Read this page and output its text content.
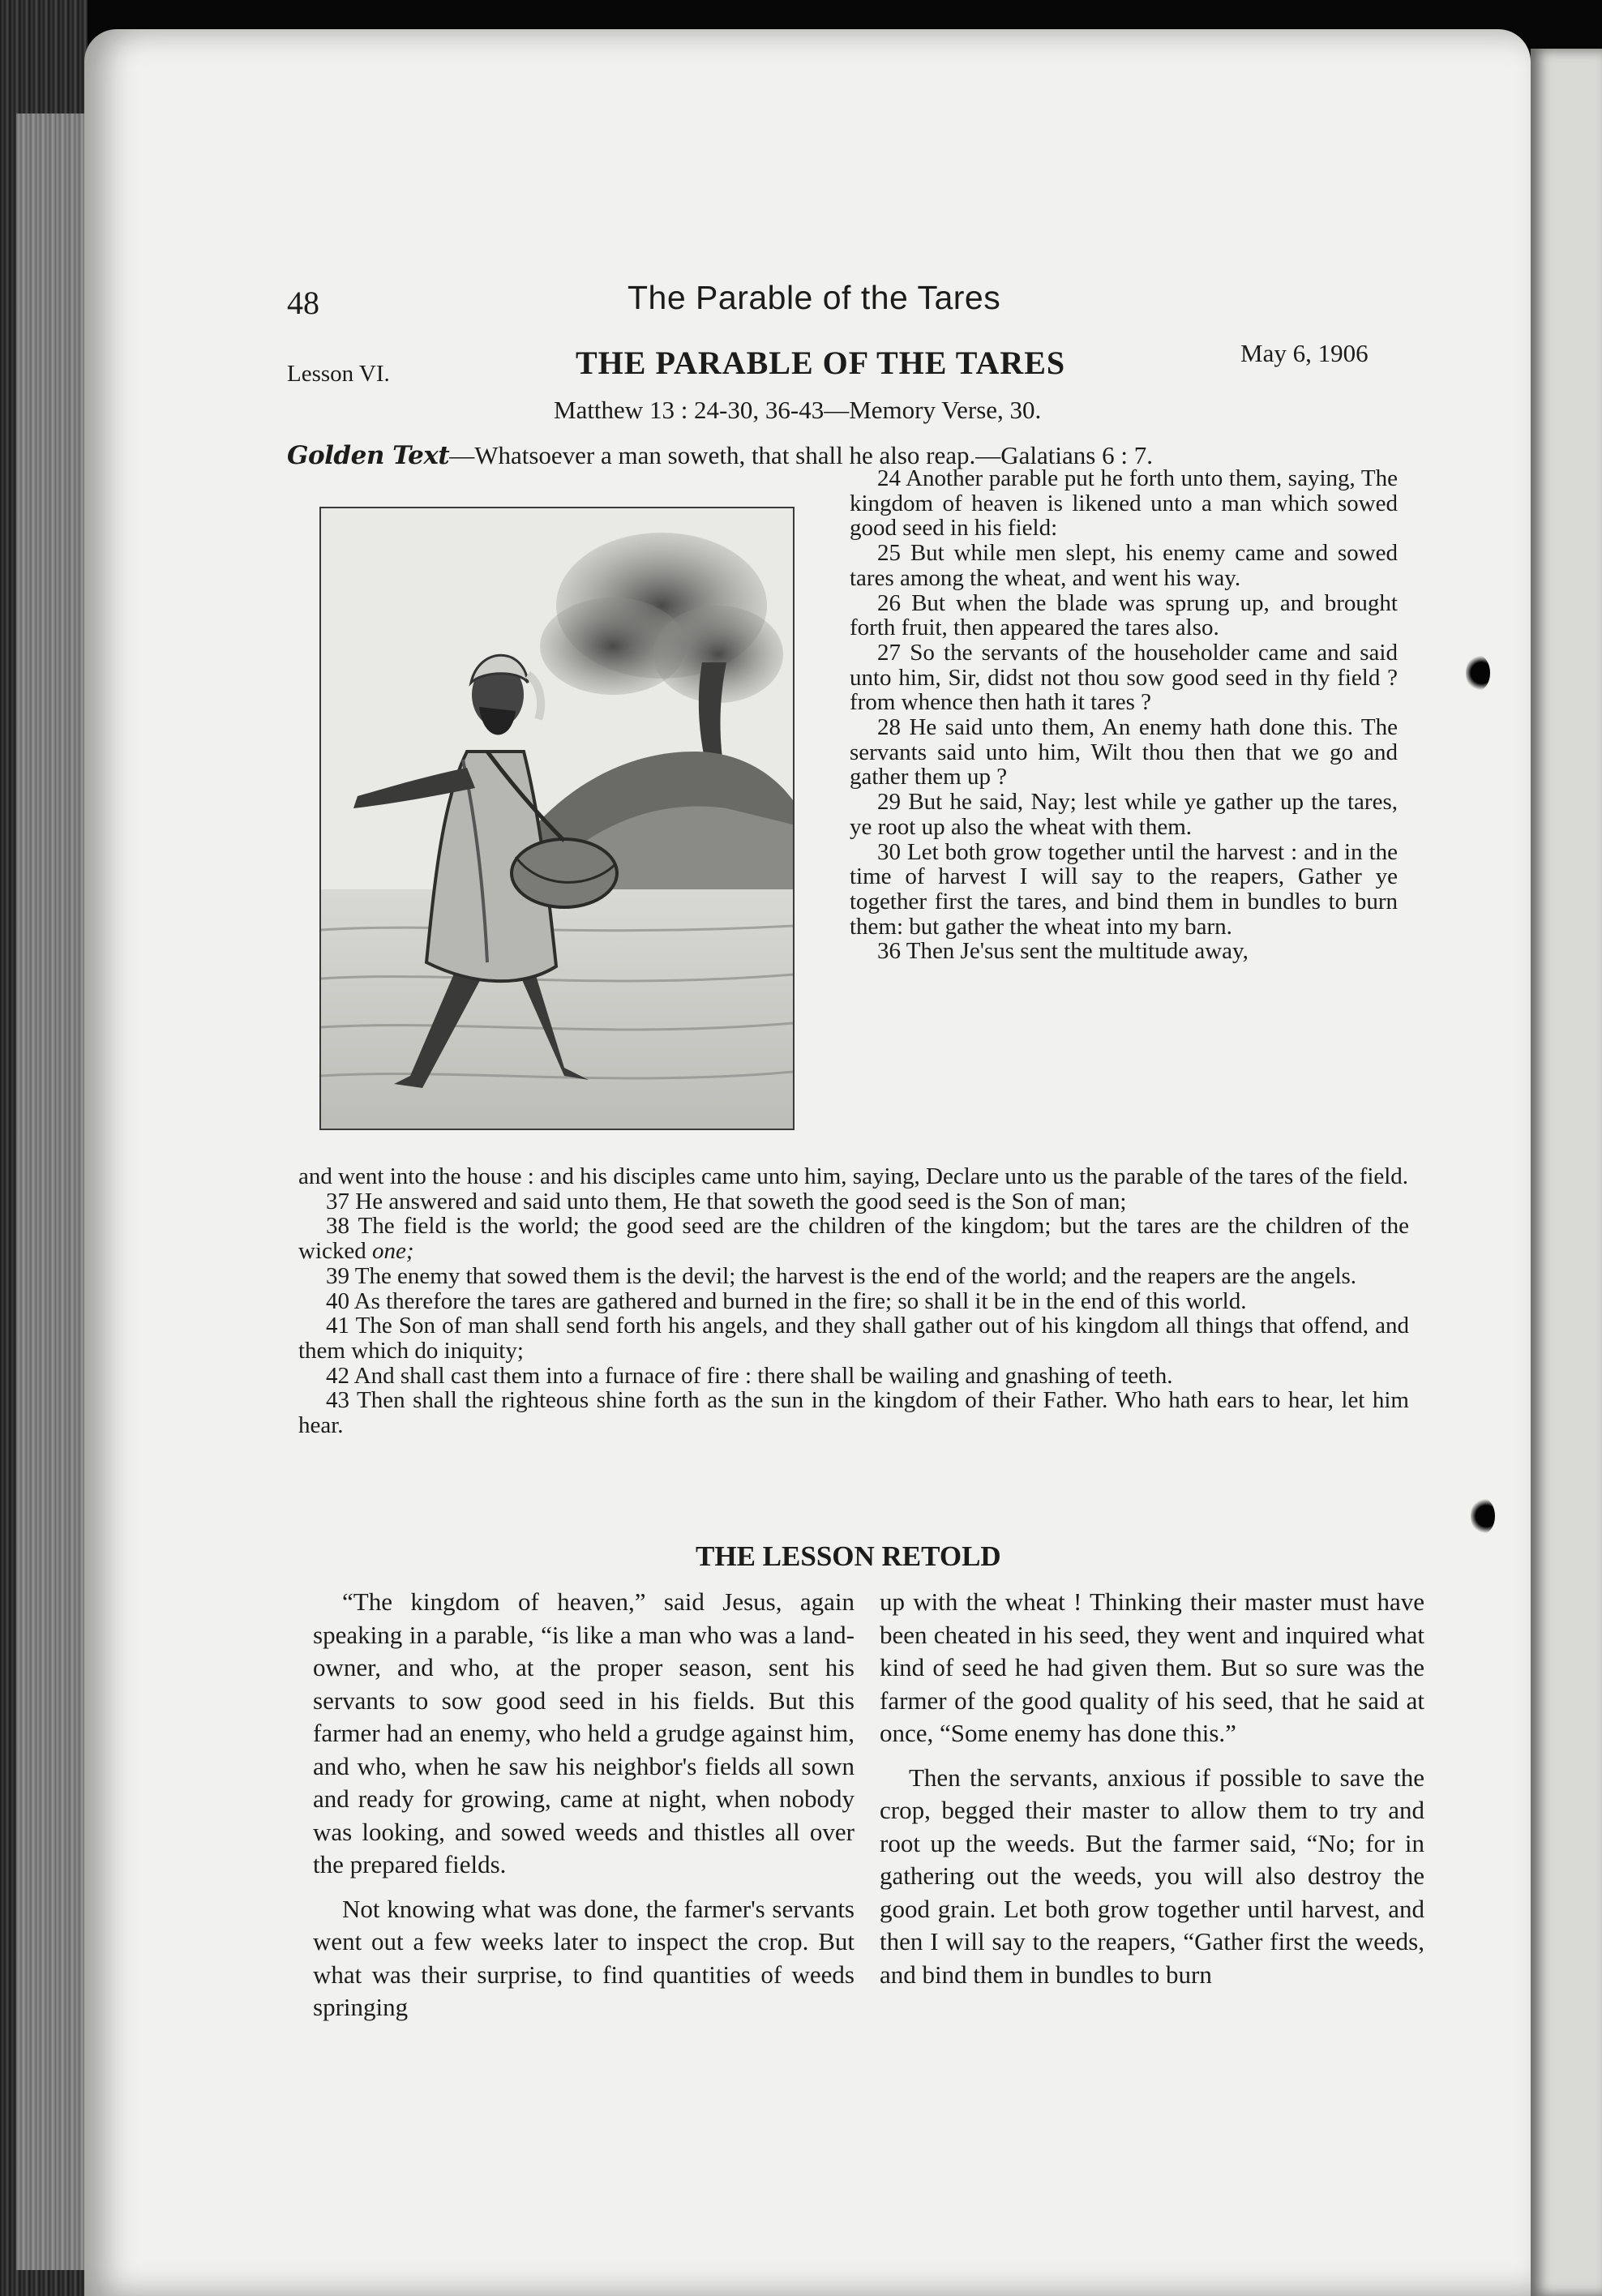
48	The Parable of the Tares
Lesson VI.	THE PARABLE OF THE TARES	May 6, 1906
Matthew 13 : 24-30, 36-43—Memory Verse, 30.
Golden Text—Whatsoever a man soweth, that shall he also reap.—Galatians 6 : 7.

24 Another parable put he forth unto them, saying, The kingdom of heaven is likened unto a man which sowed good seed in his field:

25 But while men slept, his enemy came and sowed tares among the wheat, and went his way.

26 But when the blade was sprung up, and brought forth fruit, then appeared the tares also.

27 So the servants of the householder came and said unto him, Sir, didst not thou sow good seed in thy field ? from whence then hath it tares ?

28 He said unto them, An enemy hath done this. The servants said unto him, Wilt thou then that we go and gather them up ?

29 But he said, Nay; lest while ye gather up the tares, ye root up also the wheat with them.

30 Let both grow together until the harvest : and in the time of harvest I will say to the reapers, Gather ye together first the tares, and bind them in bundles to burn them: but gather the wheat into my barn.

36 Then Je'sus sent the multitude away,

and went into the house : and his disciples came unto him, saying, Declare unto us the parable of the tares of the field.

37 He answered and said unto them, He that soweth the good seed is the Son of man;

38 The field is the world; the good seed are the children of the kingdom; but the tares are the children of the wicked one;

39 The enemy that sowed them is the devil; the harvest is the end of the world; and the reapers are the angels.

40 As therefore the tares are gathered and burned in the fire; so shall it be in the end of this world.

41 The Son of man shall send forth his angels, and they shall gather out of his kingdom all things that offend, and them which do iniquity;

42 And shall cast them into a furnace of fire : there shall be wailing and gnashing of teeth.

43 Then shall the righteous shine forth as the sun in the kingdom of their Father. Who hath ears to hear, let him hear.

THE LESSON RETOLD

“The kingdom of heaven,” said Jesus, again speaking in a parable, “is like a man who was a land-owner, and who, at the proper season, sent his servants to sow good seed in his fields. But this farmer had an enemy, who held a grudge against him, and who, when he saw his neighbor's fields all sown and ready for growing, came at night, when nobody was looking, and sowed weeds and thistles all over the prepared fields.

Not knowing what was done, the farmer's servants went out a few weeks later to inspect the crop. But what was their surprise, to find quantities of weeds springing

up with the wheat ! Thinking their master must have been cheated in his seed, they went and inquired what kind of seed he had given them. But so sure was the farmer of the good quality of his seed, that he said at once, “Some enemy has done this.”

Then the servants, anxious if possible to save the crop, begged their master to allow them to try and root up the weeds. But the farmer said, “No; for in gathering out the weeds, you will also destroy the good grain. Let both grow together until harvest, and then I will say to the reapers, “Gather first the weeds, and bind them in bundles to burn
